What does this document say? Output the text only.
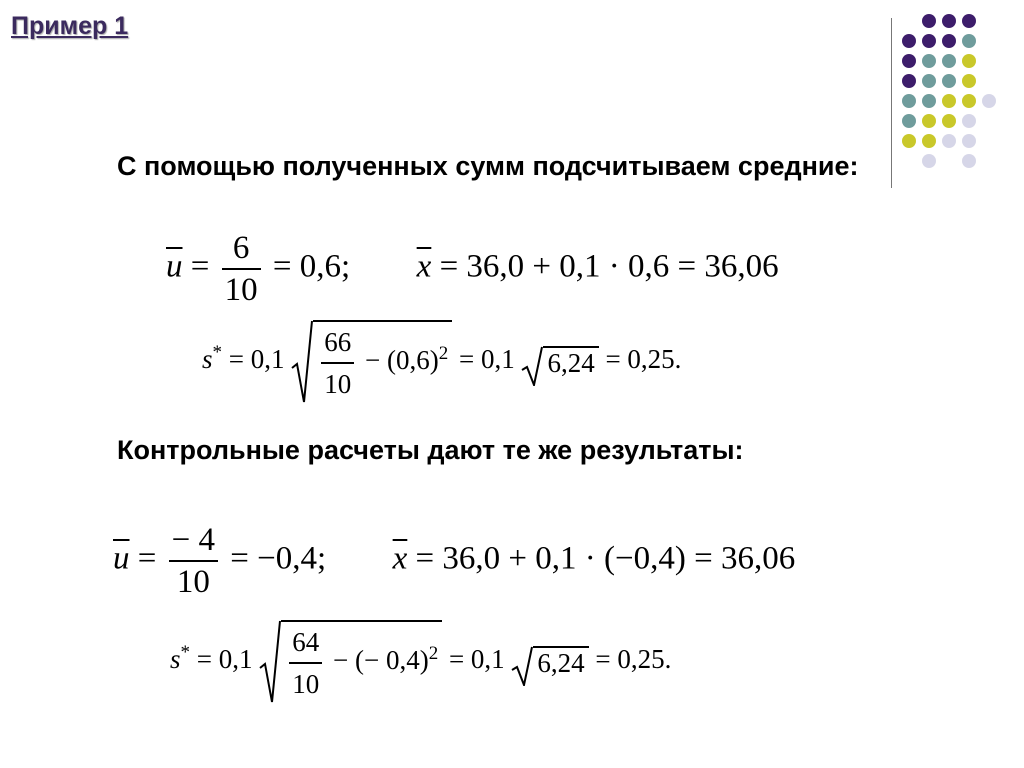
Пример 1
С помощью полученных сумм подсчитываем средние:
$\overline{u} = \frac{6}{10} = 0,6$; $\overline{x} = 36,0 + 0,1 \cdot 0,6 = 36,06$
$s^* = 0,1 \frac{66}{10} - (0,6)^2 = 0,1$ 6,24 = 0,25.
Контрольные расчеты дают те же результаты:
$\overline{u} = \frac{- 4}{10} = -0,4$; $\overline{x} = 36,0 + 0,1 \cdot (-0,4) = 36,06$
$s^* = 0,1 \frac{64}{10}$ − (− 0,4)$^2$ = 0,1 6,24 = 0,25.
